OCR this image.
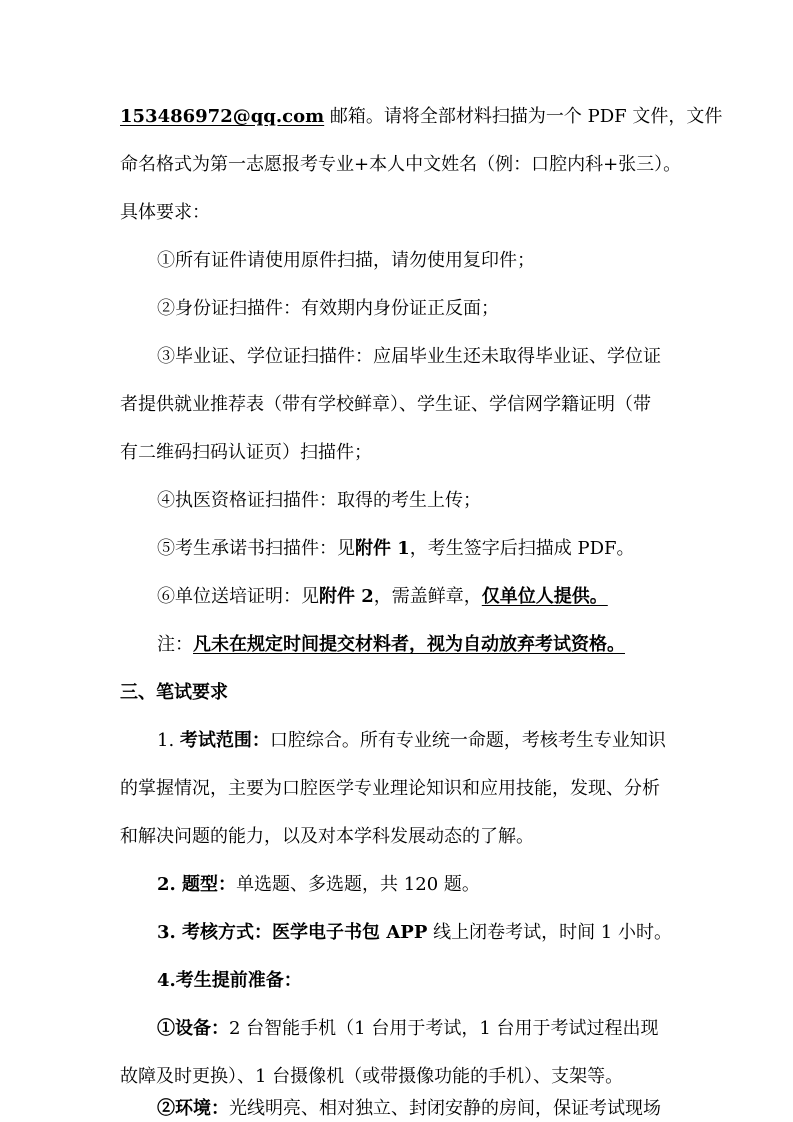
153486972@qq.com 邮箱。请将全部材料扫描为一个 PDF 文件，文件
命名格式为第一志愿报考专业+本人中文姓名（例：口腔内科+张三）。
具体要求：
①所有证件请使用原件扫描，请勿使用复印件；
②身份证扫描件：有效期内身份证正反面；
③毕业证、学位证扫描件：应届毕业生还未取得毕业证、学位证
者提供就业推荐表（带有学校鲜章）、学生证、学信网学籍证明（带
有二维码扫码认证页）扫描件；
④执医资格证扫描件：取得的考生上传；
⑤考生承诺书扫描件：见附件 1，考生签字后扫描成 PDF。
⑥单位送培证明：见附件 2，需盖鲜章，仅单位人提供。
注：凡未在规定时间提交材料者，视为自动放弃考试资格。
三、笔试要求
1. 考试范围：口腔综合。所有专业统一命题，考核考生专业知识
的掌握情况，主要为口腔医学专业理论知识和应用技能，发现、分析
和解决问题的能力，以及对本学科发展动态的了解。
2. 题型：单选题、多选题，共 120 题。
3. 考核方式：医学电子书包 APP 线上闭卷考试，时间 1 小时。
4.考生提前准备：
①设备：2 台智能手机（1 台用于考试，1 台用于考试过程出现
故障及时更换）、1 台摄像机（或带摄像功能的手机）、支架等。
②环境：光线明亮、相对独立、封闭安静的房间，保证考试现场
